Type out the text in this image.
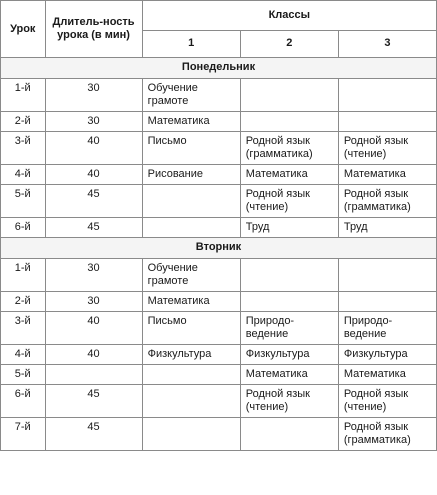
Урок	Длитель-ность урока (в мин)	Классы		
		1	2	3
Понедельник				
1-й	30	Обучение грамоте		
2-й	30	Математика		
3-й	40	Письмо	Родной язык (грамматика)	Родной язык (чтение)
4-й	40	Рисование	Математика	Математика
5-й	45		Родной язык (чтение)	Родной язык (грамматика)
6-й	45		Труд	Труд
Вторник				
1-й	30	Обучение грамоте		
2-й	30	Математика		
3-й	40	Письмо	Природо-ведение	Природо-ведение
4-й	40	Физкультура	Физкультура	Физкультура
5-й			Математика	Математика
6-й	45		Родной язык (чтение)	Родной язык (чтение)
7-й	45			Родной язык (грамматика)
